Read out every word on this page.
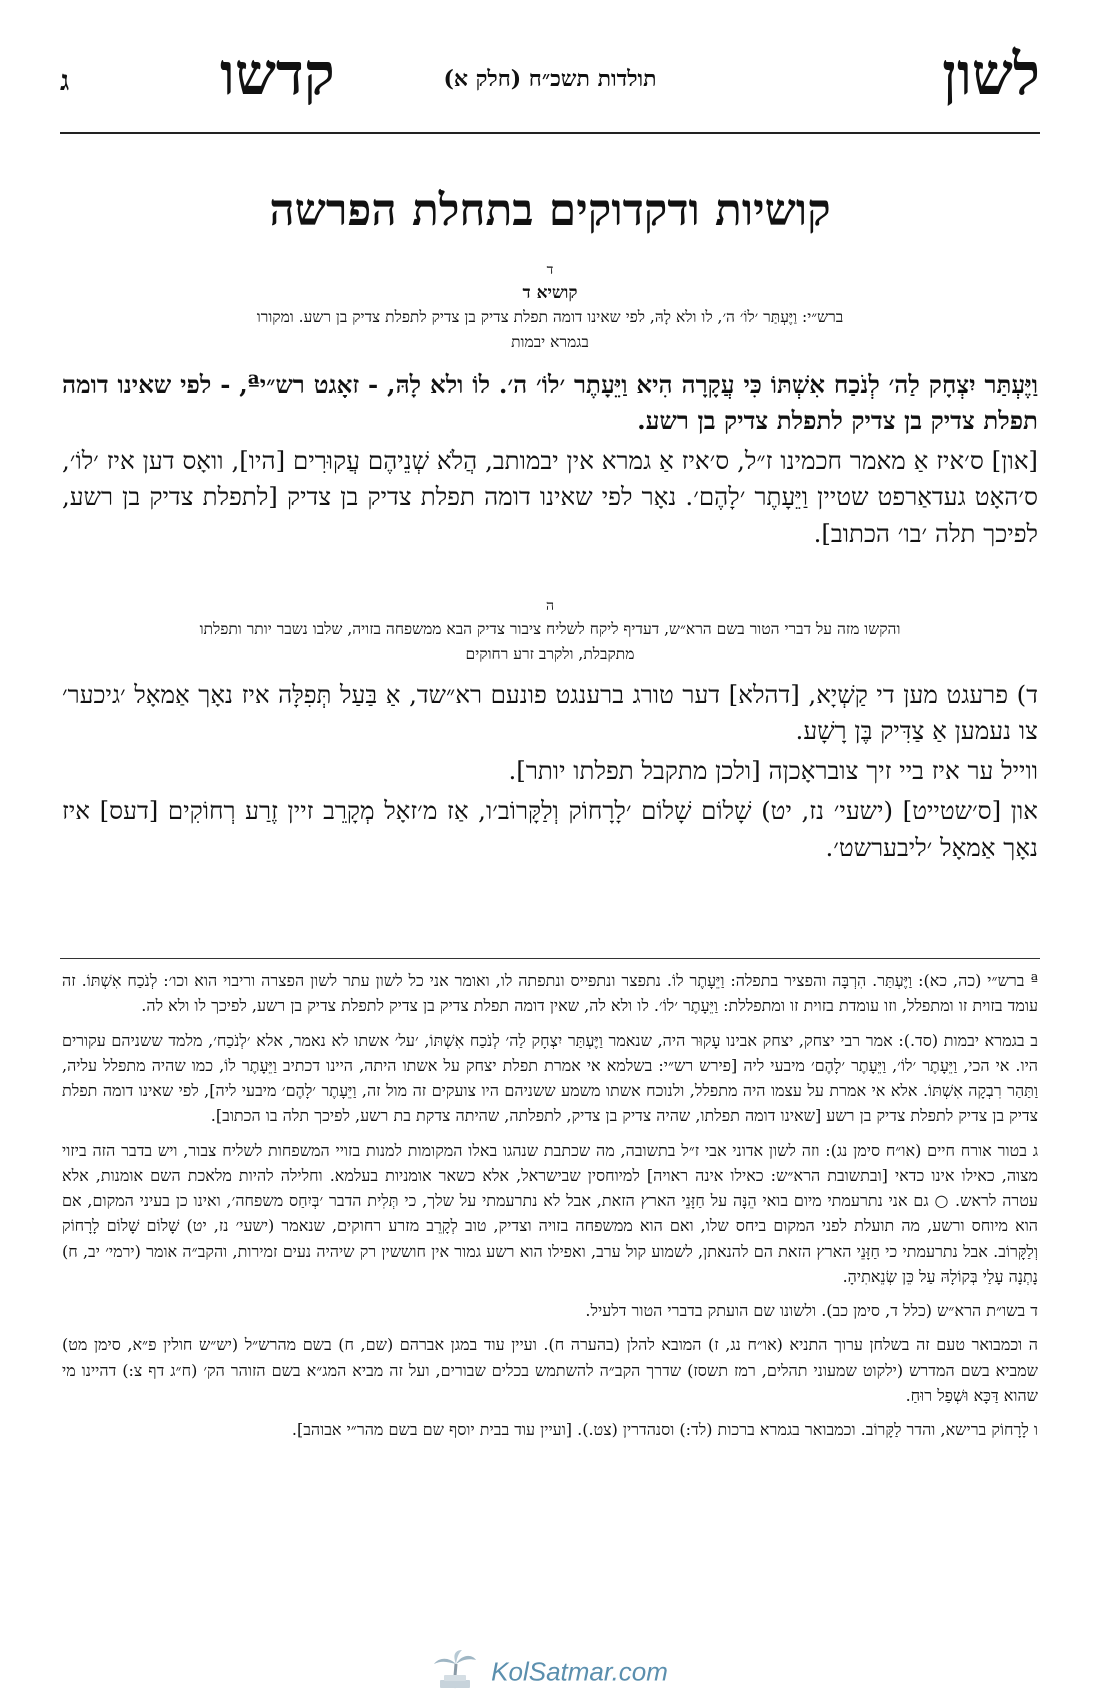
לשון
תולדות תשכ״ח (חלק א)
קדשו
ג
קושיות ודקדוקים בתחלת הפרשה
ד
קושיא ד
ברש״י: וַיֶּעְתַּר ׳לוֹ׳ ה׳, לו ולא לָהּ, לפי שאינו דומה תפלת צדיק בן צדיק לתפלת צדיק בן רשע. ומקורו בגמרא יבמות

וַיֶּעְתַּר יִצְחָק לַה׳ לְנֹכַח אִשְׁתּוֹ כִּי עֲקָרָה הִיא וַיֵּעָתֶר ׳לוֹ׳ ה׳. לוֹ ולא לָהּ, - זאָגט רש״יª, - לפי שאינו דומה תפלת צדיק בן צדיק לתפלת צדיק בן רשע.

[און] ס׳איז אַ מאמר חכמינו ז״ל, ס׳איז אַ גמרא אין יבמותב, הֲלֹא שְׁנֵיהֶם עֲקוּרִים [היו], וואָס דען איז ׳לוֹ׳, ס׳האָט געדאַרפט שטיין וַיֵּעָתֶר ׳לָהֶם׳. נאָר לפי שאינו דומה תפלת צדיק בן צדיק [לתפלת צדיק בן רשע, לפיכך תלה ׳בו׳ הכתוב].

ה
והקשו מזה על דברי הטור בשם הרא״ש, דעדיף ליקח לשליח ציבור צדיק הבא ממשפחה בזויה, שלבו נשבר יותר ותפלתו מתקבלת, ולקרב זרע רחוקים

ד) פרעגט מען די קַשְׁיָא, [דהלא] דער טורג ברענגט פונעם רא״שד, אַ בַּעַל תְּפִלָּה איז נאָך אַמאָל ׳גיכער׳ צו נעמען אַ צַדִּיק בֶּן רָשָׁע.

ווייל ער איז ביי זיך צובראָכןה [ולכן מתקבל תפלתו יותר].

און [ס׳שטייט] (ישעי׳ נז, יט) שָׁלוֹם שָׁלוֹם ׳לָרָחוֹק וְלַקָּרוֹב׳ו, אַז מ׳זאָל מְקָרֵב זיין זֶרַע רְחוֹקִים [דעס] איז נאָך אַמאָל ׳ליבערשט׳.

ª ברש״י (כה, כא): וַיֶּעְתַּר. הִרְבָּה והפציר בתפלה: וַיֵּעָתֶר לוֹ. נתפצר ונתפייס ונתפתה לו, ואומר אני כל לשון עתר לשון הפצרה וריבוי הוא וכו׳: לְנֹכַח אִשְׁתּוֹ. זה עומד בזוית זו ומתפלל, וזו עומדת בזוית זו ומתפללת: וַיֵּעָתֶר ׳לוֹ׳. לו ולא לה, שאין דומה תפלת צדיק בן צדיק לתפלת צדיק בן רשע, לפיכך לו ולא לה.

ב בגמרא יבמות (סד.): אמר רבי יצחק, יצחק אבינו עָקוּר היה, שנאמר וַיֶּעְתַּר יִצְחָק לַה׳ לְנֹכַח אִשְׁתּוֹ, ׳על׳ אשתו לא נאמר, אלא ׳לְנֹכַח׳, מלמד ששניהם עקורים היו. אי הכי, וַיֵּעָתֶר ׳לוֹ׳, וַיֵּעָתֶר ׳לָהֶם׳ מיבעי ליה [פירש רש״י: בשלמא אי אמרת תפלת יצחק על אשתו היתה, היינו דכתיב וַיֵּעָתֶר לוֹ, כמו שהיה מתפלל עליה, וַתַּהַר רִבְקָה אִשְׁתּוֹ. אלא אי אמרת על עצמו היה מתפלל, ולנוכח אשתו משמע ששניהם היו צועקים זה מול זה, וַיֵּעָתֶר ׳לָהֶם׳ מיבעי ליה], לפי שאינו דומה תפלת צדיק בן צדיק לתפלת צדיק בן רשע [שאינו דומה תפלתו, שהיה צדיק בן צדיק, לתפלתה, שהיתה צדקת בת רשע, לפיכך תלה בו הכתוב].

ג בטור אורח חיים (או״ח סימן נג): וזה לשון אדוני אבי ז״ל בתשובה, מה שכתבת שנהגו באלו המקומות למנות בזויי המשפחות לשליח צבור, ויש בדבר הזה ביזוי מצוה, כאילו אינו כדאי [ובתשובת הרא״ש: כאילו אינה ראויה] למיוחסין שבישראל, אלא כשאר אומניות בעלמא. וחלילה להיות מלאכת השם אומנות, אלא עטרה לראש. ○ גם אני נתרעמתי מיום בואי הֵנָּה על חַזָּנֵי הארץ הזאת, אבל לא נתרעמתי על שלך, כי תְּלִית הדבר ׳בְּיִחַס משפחה׳, ואינו כן בעיני המקום, אם הוא מיוחס ורשע, מה תועלת לפני המקום ביחס שלו, ואם הוא ממשפחה בזויה וצדיק, טוב לְקָרֵב מזרע רחוקים, שנאמר (ישעי׳ נז, יט) שָׁלוֹם שָׁלוֹם לָרָחוֹק וְלַקָּרוֹב. אבל נתרעמתי כי חַזָּנֵי הארץ הזאת הם להנאתן, לשמוע קול ערב, ואפילו הוא רשע גמור אין חוששין רק שיהיה נעים זמירות, והקב״ה אומר (ירמי׳ יב, ח) נָתְנָה עָלַי בְּקוֹלָהּ עַל כֵּן שְׂנֵאתִיהָ.

ד בשו״ת הרא״ש (כלל ד, סימן כב). ולשונו שם הועתק בדברי הטור דלעיל.

ה וכמבואר טעם זה בשלחן ערוך התניא (או״ח נג, ז) המובא להלן (בהערה ח). ועיין עוד במגן אברהם (שם, ח) בשם מהרש״ל (יש״ש חולין פ״א, סימן מט) שמביא בשם המדרש (ילקוט שמעוני תהלים, רמז תשסז) שדרך הקב״ה להשתמש בכלים שבורים, ועל זה מביא המג״א בשם הזוהר הק׳ (ח״ג דף צ:) דהיינו מי שהוא דַּכָּא וּשְׁפַל רוּחַ.

ו לָרָחוֹק ברישא, והדר לַקָּרוֹב. וכמבואר בגמרא ברכות (לד:) וסנהדרין (צט.). [ועיין עוד בבית יוסף שם בשם מהר״י אבוהב].

KolSatmar.com
